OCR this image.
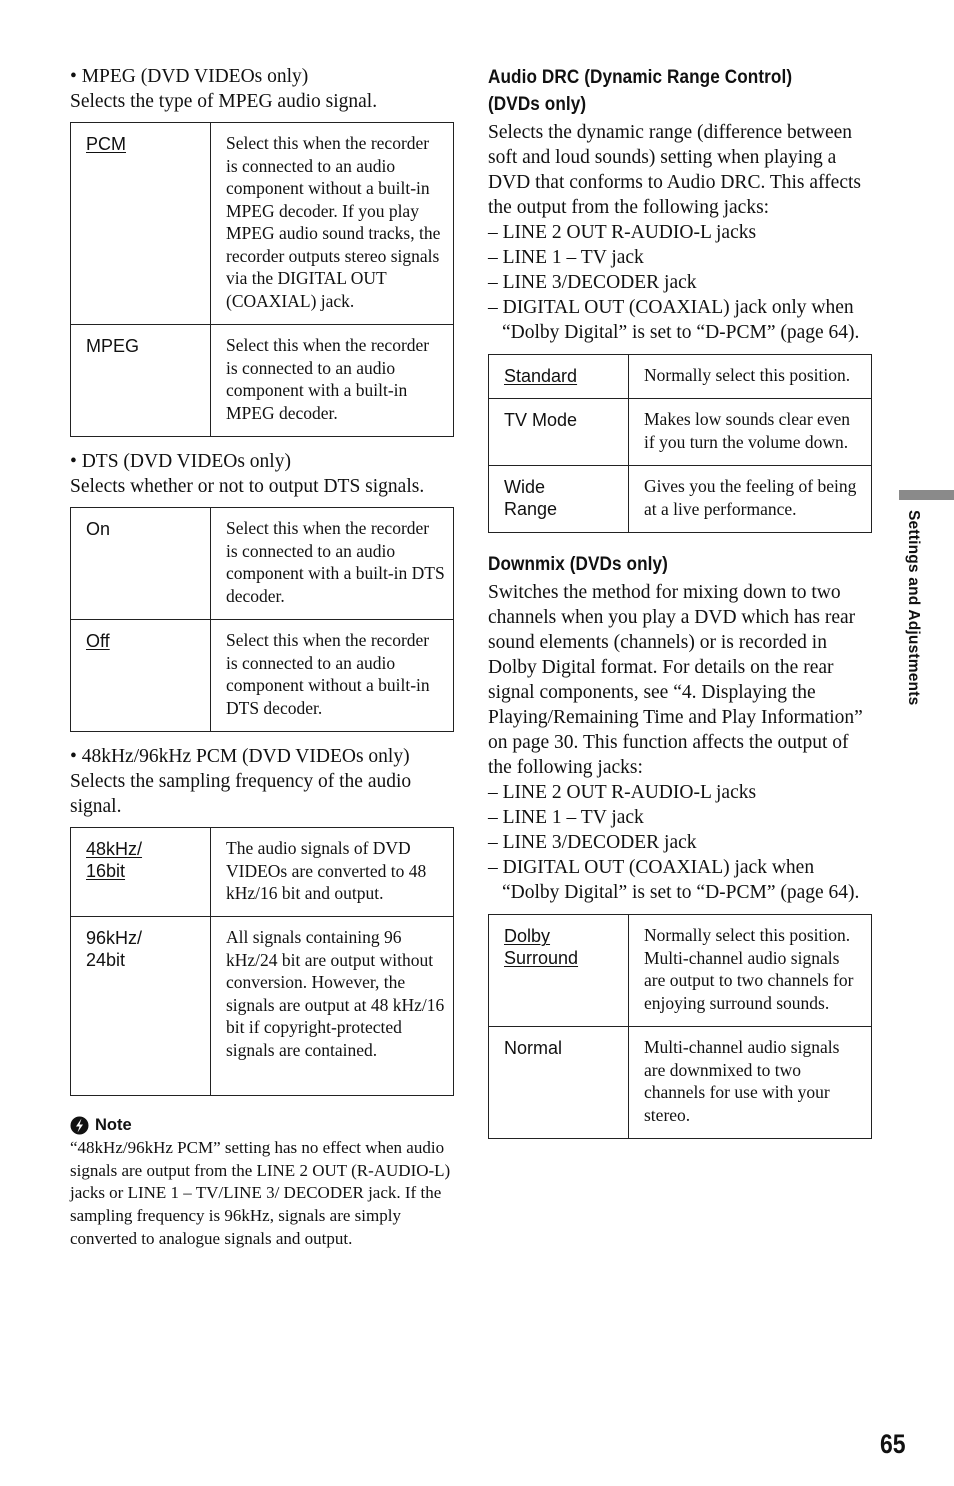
• MPEG (DVD VIDEOs only)

Selects the type of MPEG audio signal.

PCM	Select this when the recorder is connected to an audio component without a built-in MPEG decoder. If you play MPEG audio sound tracks, the recorder outputs stereo signals via the DIGITAL OUT (COAXIAL) jack.
MPEG	Select this when the recorder is connected to an audio component with a built-in MPEG decoder.

• DTS (DVD VIDEOs only)

Selects whether or not to output DTS signals.

On	Select this when the recorder is connected to an audio component with a built-in DTS decoder.
Off	Select this when the recorder is connected to an audio component without a built-in DTS decoder.

• 48kHz/96kHz PCM (DVD VIDEOs only)

Selects the sampling frequency of the audio signal.

48kHz/
16bit	The audio signals of DVD VIDEOs are converted to 48 kHz/16 bit and output.
96kHz/
24bit	All signals containing 96 kHz/24 bit are output without conversion. However, the signals are output at 48 kHz/16 bit if copyright-protected signals are contained.

Note

“48kHz/96kHz PCM” setting has no effect when audio signals are output from the LINE 2 OUT (R-AUDIO-L) jacks or LINE 1 – TV/LINE 3/ DECODER jack. If the sampling frequency is 96kHz, signals are simply converted to analogue signals and output.

Audio DRC (Dynamic Range Control)
(DVDs only)

Selects the dynamic range (difference between soft and loud sounds) setting when playing a DVD that conforms to Audio DRC. This affects the output from the following jacks:

– LINE 2 OUT R-AUDIO-L jacks

– LINE 1 – TV jack

– LINE 3/DECODER jack

– DIGITAL OUT (COAXIAL) jack only when “Dolby Digital” is set to “D-PCM” (page 64).

Standard	Normally select this position.
TV Mode	Makes low sounds clear even if you turn the volume down.
Wide
Range	Gives you the feeling of being at a live performance.
Downmix (DVDs only)

Switches the method for mixing down to two channels when you play a DVD which has rear sound elements (channels) or is recorded in Dolby Digital format. For details on the rear signal components, see “4. Displaying the Playing/Remaining Time and Play Information” on page 30. This function affects the output of the following jacks:

– LINE 2 OUT R-AUDIO-L jacks

– LINE 1 – TV jack

– LINE 3/DECODER jack

– DIGITAL OUT (COAXIAL) jack when “Dolby Digital” is set to “D-PCM” (page 64).

Dolby
Surround	Normally select this position. Multi-channel audio signals are output to two channels for enjoying surround sounds.
Normal	Multi-channel audio signals are downmixed to two channels for use with your stereo.
Settings and Adjustments
65
